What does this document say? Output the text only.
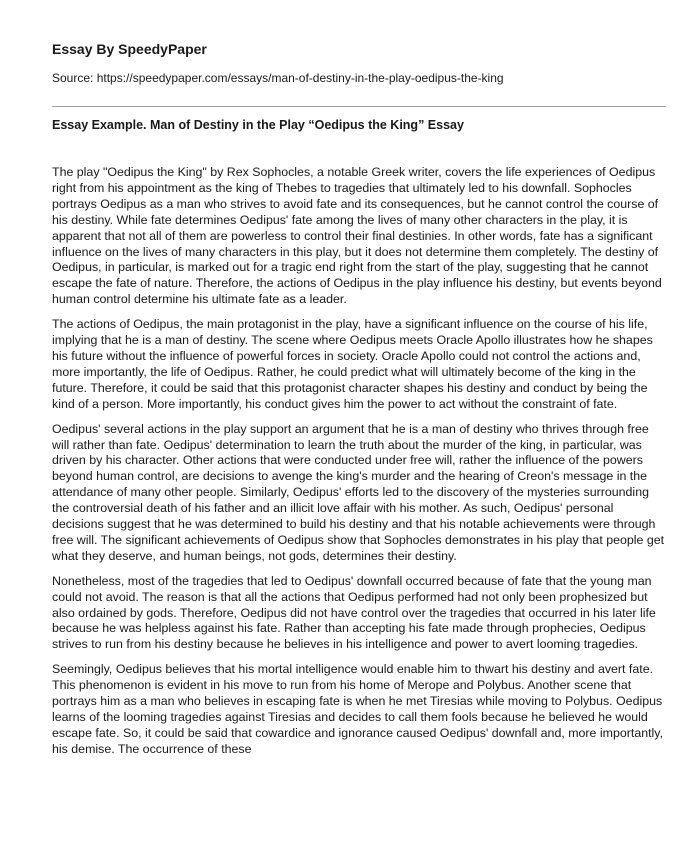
Essay By SpeedyPaper
Source: https://speedypaper.com/essays/man-of-destiny-in-the-play-oedipus-the-king
Essay Example. Man of Destiny in the Play “Oedipus the King” Essay

The play "Oedipus the King" by Rex Sophocles, a notable Greek writer, covers the life experiences of Oedipus right from his appointment as the king of Thebes to tragedies that ultimately led to his downfall. Sophocles portrays Oedipus as a man who strives to avoid fate and its consequences, but he cannot control the course of his destiny. While fate determines Oedipus' fate among the lives of many other characters in the play, it is apparent that not all of them are powerless to control their final destinies. In other words, fate has a significant influence on the lives of many characters in this play, but it does not determine them completely. The destiny of Oedipus, in particular, is marked out for a tragic end right from the start of the play, suggesting that he cannot escape the fate of nature. Therefore, the actions of Oedipus in the play influence his destiny, but events beyond human control determine his ultimate fate as a leader.

The actions of Oedipus, the main protagonist in the play, have a significant influence on the course of his life, implying that he is a man of destiny. The scene where Oedipus meets Oracle Apollo illustrates how he shapes his future without the influence of powerful forces in society. Oracle Apollo could not control the actions and, more importantly, the life of Oedipus. Rather, he could predict what will ultimately become of the king in the future. Therefore, it could be said that this protagonist character shapes his destiny and conduct by being the kind of a person. More importantly, his conduct gives him the power to act without the constraint of fate.

Oedipus' several actions in the play support an argument that he is a man of destiny who thrives through free will rather than fate. Oedipus' determination to learn the truth about the murder of the king, in particular, was driven by his character. Other actions that were conducted under free will, rather the influence of the powers beyond human control, are decisions to avenge the king's murder and the hearing of Creon's message in the attendance of many other people. Similarly, Oedipus' efforts led to the discovery of the mysteries surrounding the controversial death of his father and an illicit love affair with his mother. As such, Oedipus' personal decisions suggest that he was determined to build his destiny and that his notable achievements were through free will. The significant achievements of Oedipus show that Sophocles demonstrates in his play that people get what they deserve, and human beings, not gods, determines their destiny.

Nonetheless, most of the tragedies that led to Oedipus' downfall occurred because of fate that the young man could not avoid. The reason is that all the actions that Oedipus performed had not only been prophesized but also ordained by gods. Therefore, Oedipus did not have control over the tragedies that occurred in his later life because he was helpless against his fate. Rather than accepting his fate made through prophecies, Oedipus strives to run from his destiny because he believes in his intelligence and power to avert looming tragedies.

Seemingly, Oedipus believes that his mortal intelligence would enable him to thwart his destiny and avert fate. This phenomenon is evident in his move to run from his home of Merope and Polybus. Another scene that portrays him as a man who believes in escaping fate is when he met Tiresias while moving to Polybus. Oedipus learns of the looming tragedies against Tiresias and decides to call them fools because he believed he would escape fate. So, it could be said that cowardice and ignorance caused Oedipus' downfall and, more importantly, his demise. The occurrence of these
